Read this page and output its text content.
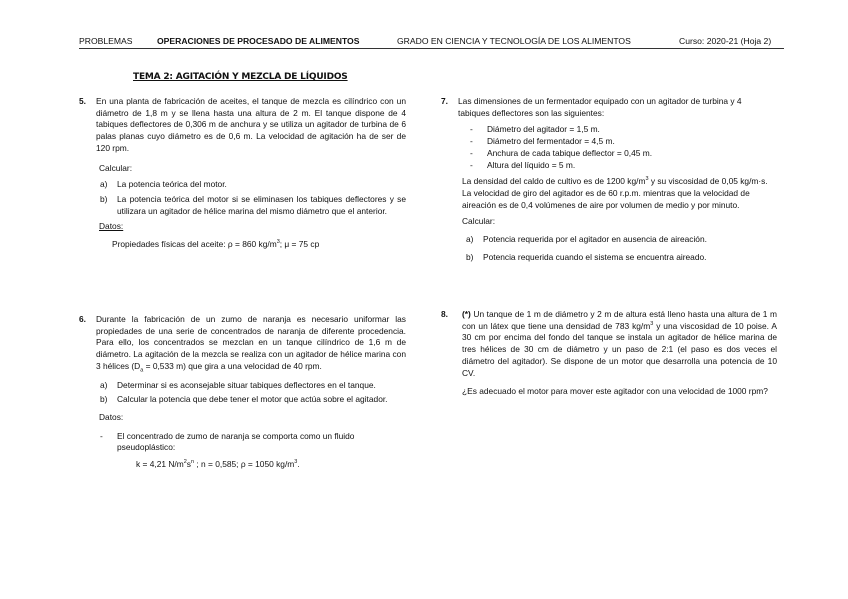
PROBLEMAS	OPERACIONES DE PROCESADO DE ALIMENTOS	GRADO EN CIENCIA Y TECNOLOGÍA DE LOS ALIMENTOS	Curso: 2020-21 (Hoja 2)
TEMA 2: AGITACIÓN Y MEZCLA DE LÍQUIDOS
5. En una planta de fabricación de aceites, el tanque de mezcla es cilíndrico con un diámetro de 1,8 m y se llena hasta una altura de 2 m. El tanque dispone de 4 tabiques deflectores de 0,306 m de anchura y se utiliza un agitador de turbina de 6 palas planas cuyo diámetro es de 0,6 m. La velocidad de agitación ha de ser de 120 rpm.

Calcular:

a) La potencia teórica del motor.
b) La potencia teórica del motor si se eliminasen los tabiques deflectores y se utilizara un agitador de hélice marina del mismo diámetro que el anterior.

Datos:

Propiedades físicas del aceite: ρ = 860 $kg/m^3$; μ = 75 cp

6. Durante la fabricación de un zumo de naranja es necesario uniformar las propiedades de una serie de concentrados de naranja de diferente procedencia. Para ello, los concentrados se mezclan en un tanque cilíndrico de 1,6 m de diámetro. La agitación de la mezcla se realiza con un agitador de hélice marina con 3 hélices ($D_a = 0,533$ m) que gira a una velocidad de 40 rpm.

a) Determinar si es aconsejable situar tabiques deflectores en el tanque.
b) Calcular la potencia que debe tener el motor que actúa sobre el agitador.

Datos:

- El concentrado de zumo de naranja se comporta como un fluido pseudoplástico:

k = 4,21 $N/m^2s^n$ ; n = 0,585; ρ = 1050 $kg/m^3$.

7. Las dimensiones de un fermentador equipado con un agitador de turbina y 4 tabiques deflectores son las siguientes:

- Diámetro del agitador = 1,5 m.
- Diámetro del fermentador = 4,5 m.
- Anchura de cada tabique deflector = 0,45 m.
- Altura del líquido = 5 m.

La densidad del caldo de cultivo es de 1200 $kg/m^3$ y su viscosidad de 0,05 kg/m·s. La velocidad de giro del agitador es de 60 r.p.m. mientras que la velocidad de aireación es de 0,4 volúmenes de aire por volumen de medio y por minuto.

Calcular:

a) Potencia requerida por el agitador en ausencia de aireación.
b) Potencia requerida cuando el sistema se encuentra aireado.
8. (*) Un tanque de 1 m de diámetro y 2 m de altura está lleno hasta una altura de 1 m con un látex que tiene una densidad de 783 $kg/m^3$ y una viscosidad de 10 poise. A 30 cm por encima del fondo del tanque se instala un agitador de hélice marina de tres hélices de 30 cm de diámetro y un paso de 2:1 (el paso es dos veces el diámetro del agitador). Se dispone de un motor que desarrolla una potencia de 10 CV.

¿Es adecuado el motor para mover este agitador con una velocidad de 1000 rpm?
